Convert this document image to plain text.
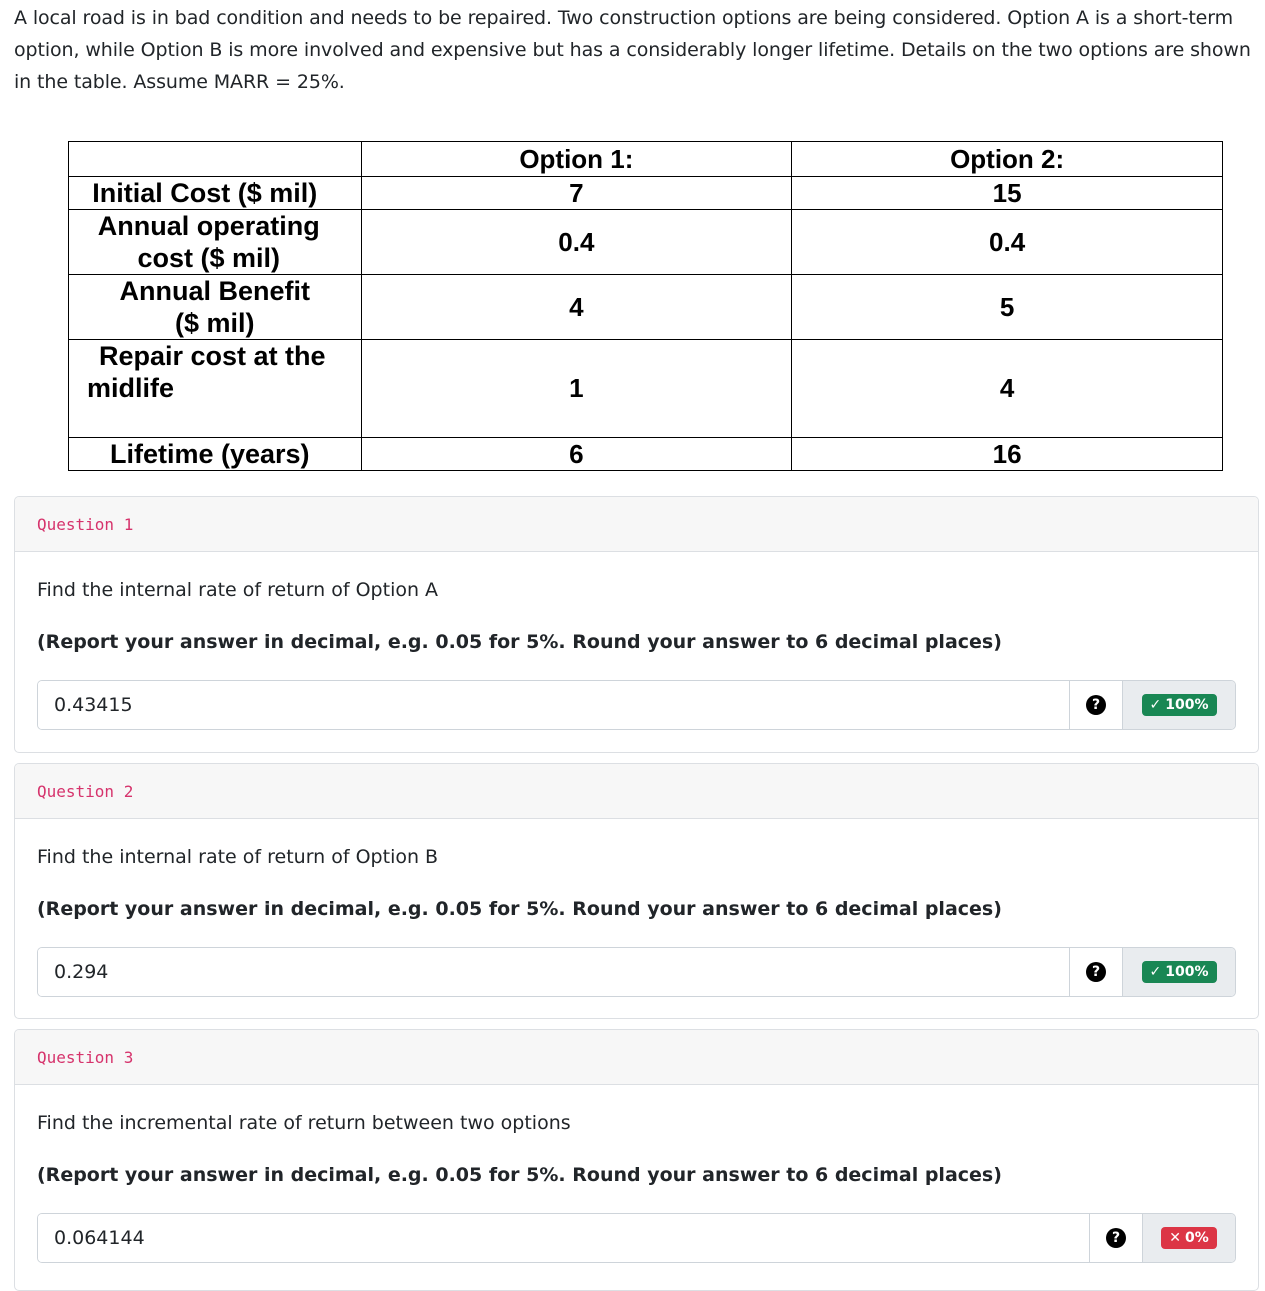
A local road is in bad condition and needs to be repaired. Two construction options are being considered. Option A is a short-term option, while Option B is more involved and expensive but has a considerably longer lifetime. Details on the two options are shown in the table. Assume MARR = 25%.
	Option 1:	Option 2:
Initial Cost ($ mil)	7	15
Annual operating cost ($ mil)	0.4	0.4
Annual Benefit ($ mil)	4	5
Repair cost at the midlife	1	4
Lifetime (years)	6	16
Question 1
Find the internal rate of return of Option A
(Report your answer in decimal, e.g. 0.05 for 5%. Round your answer to 6 decimal places)
0.43415
?	✓ 100%
Question 2
Find the internal rate of return of Option B
(Report your answer in decimal, e.g. 0.05 for 5%. Round your answer to 6 decimal places)
0.294
?	✓ 100%
Question 3
Find the incremental rate of return between two options
(Report your answer in decimal, e.g. 0.05 for 5%. Round your answer to 6 decimal places)
0.064144
?	✕ 0%
